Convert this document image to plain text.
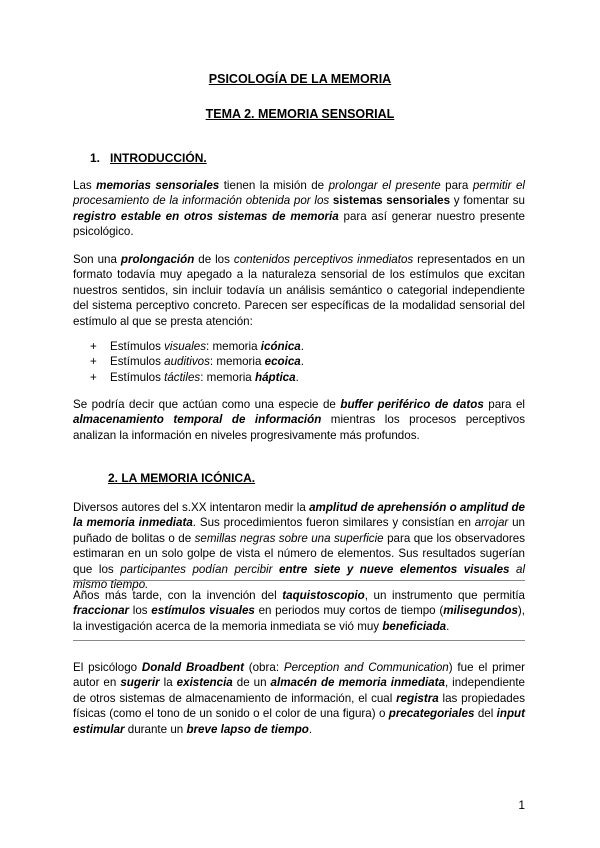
PSICOLOGÍA DE LA MEMORIA
TEMA 2. MEMORIA SENSORIAL
1. INTRODUCCIÓN.
Las memorias sensoriales tienen la misión de prolongar el presente para permitir el procesamiento de la información obtenida por los sistemas sensoriales y fomentar su registro estable en otros sistemas de memoria para así generar nuestro presente psicológico.
Son una prolongación de los contenidos perceptivos inmediatos representados en un formato todavía muy apegado a la naturaleza sensorial de los estímulos que excitan nuestros sentidos, sin incluir todavía un análisis semántico o categorial independiente del sistema perceptivo concreto. Parecen ser específicas de la modalidad sensorial del estímulo al que se presta atención:
+ Estímulos visuales: memoria icónica.
+ Estímulos auditivos: memoria ecoica.
+ Estímulos táctiles: memoria háptica.
Se podría decir que actúan como una especie de buffer periférico de datos para el almacenamiento temporal de información mientras los procesos perceptivos analizan la información en niveles progresivamente más profundos.
2. LA MEMORIA ICÓNICA.
Diversos autores del s.XX intentaron medir la amplitud de aprehensión o amplitud de la memoria inmediata. Sus procedimientos fueron similares y consistían en arrojar un puñado de bolitas o de semillas negras sobre una superficie para que los observadores estimaran en un solo golpe de vista el número de elementos. Sus resultados sugerían que los participantes podían percibir entre siete y nueve elementos visuales al mismo tiempo.
Años más tarde, con la invención del taquistoscopio, un instrumento que permitía fraccionar los estímulos visuales en periodos muy cortos de tiempo (milisegundos), la investigación acerca de la memoria inmediata se vió muy beneficiada.
El psicólogo Donald Broadbent (obra: Perception and Communication) fue el primer autor en sugerir la existencia de un almacén de memoria inmediata, independiente de otros sistemas de almacenamiento de información, el cual registra las propiedades físicas (como el tono de un sonido o el color de una figura) o precategoriales del input estimular durante un breve lapso de tiempo.
1
